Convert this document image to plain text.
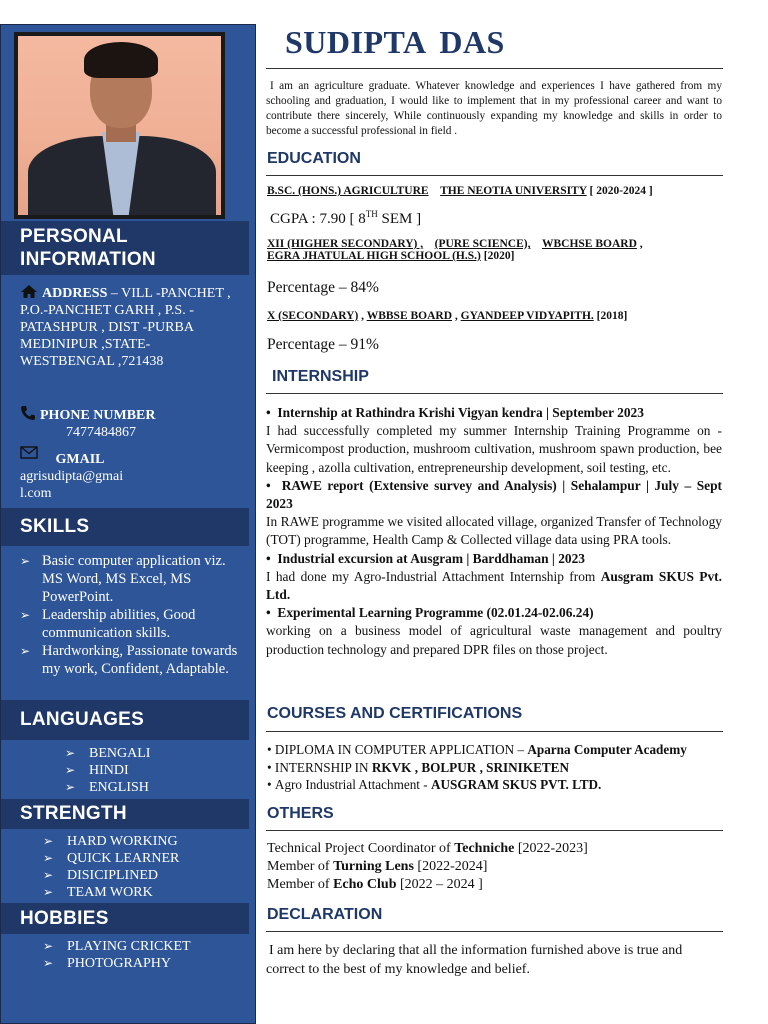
PERSONAL
INFORMATION
ADDRESS – VILL -PANCHET , P.O.-PANCHET GARH , P.S. -PATASHPUR , DIST -PURBA MEDINIPUR ,STATE- WESTBENGAL ,721438
PHONE NUMBER
7477484867
GMAIL
agrisudipta@gmai
l.com
SKILLS
➢ Basic computer application viz. MS Word, MS Excel, MS PowerPoint.
➢ Leadership abilities, Good communication skills.
➢ Hardworking, Passionate towards my work, Confident, Adaptable.
LANGUAGES
➢ BENGALI
➢ HINDI
➢ ENGLISH
STRENGTH
➢ HARD WORKING
➢ QUICK LEARNER
➢ DISICIPLINED
➢ TEAM WORK
HOBBIES
➢ PLAYING CRICKET
➢ PHOTOGRAPHY
SUDIPTA DAS
I am an agriculture graduate. Whatever knowledge and experiences I have gathered from my schooling and graduation, I would like to implement that in my professional career and want to contribute there sincerely, While continuously expanding my knowledge and skills in order to become a successful professional in field .
EDUCATION
B.SC. (HONS.) AGRICULTURE THE NEOTIA UNIVERSITY [ 2020-2024 ]
CGPA : 7.90 [ 8TH SEM ]
XII (HIGHER SECONDARY) , (PURE SCIENCE), WBCHSE BOARD ,
EGRA JHATULAL HIGH SCHOOL (H.S.) [2020]
Percentage – 84%
X (SECONDARY) , WBBSE BOARD , GYANDEEP VIDYAPITH. [2018]
Percentage – 91%
INTERNSHIP

•  Internship at Rathindra Krishi Vigyan kendra | September 2023

I had successfully completed my summer Internship Training Programme on - Vermicompost production, mushroom cultivation, mushroom spawn production, bee keeping , azolla cultivation, entrepreneurship development, soil testing, etc.

•  RAWE report (Extensive survey and Analysis) | Sehalampur | July – Sept 2023

In RAWE programme we visited allocated village, organized Transfer of Technology (TOT) programme, Health Camp & Collected village data using PRA tools.

•  Industrial excursion at Ausgram | Barddhaman | 2023

I had done my Agro-Industrial Attachment Internship from Ausgram SKUS Pvt. Ltd.

•  Experimental Learning Programme (02.01.24-02.06.24)

working on a business model of agricultural waste management and poultry production technology and prepared DPR files on those project.

COURSES AND CERTIFICATIONS

• DIPLOMA IN COMPUTER APPLICATION – Aparna Computer Academy

• INTERNSHIP IN RKVK , BOLPUR , SRINIKETEN

• Agro Industrial Attachment - AUSGRAM SKUS PVT. LTD.

OTHERS

Technical Project Coordinator of Techniche [2022-2023]

Member of Turning Lens [2022-2024]

Member of Echo Club [2022 – 2024 ]

DECLARATION
I am here by declaring that all the information furnished above is true and correct to the best of my knowledge and belief.
